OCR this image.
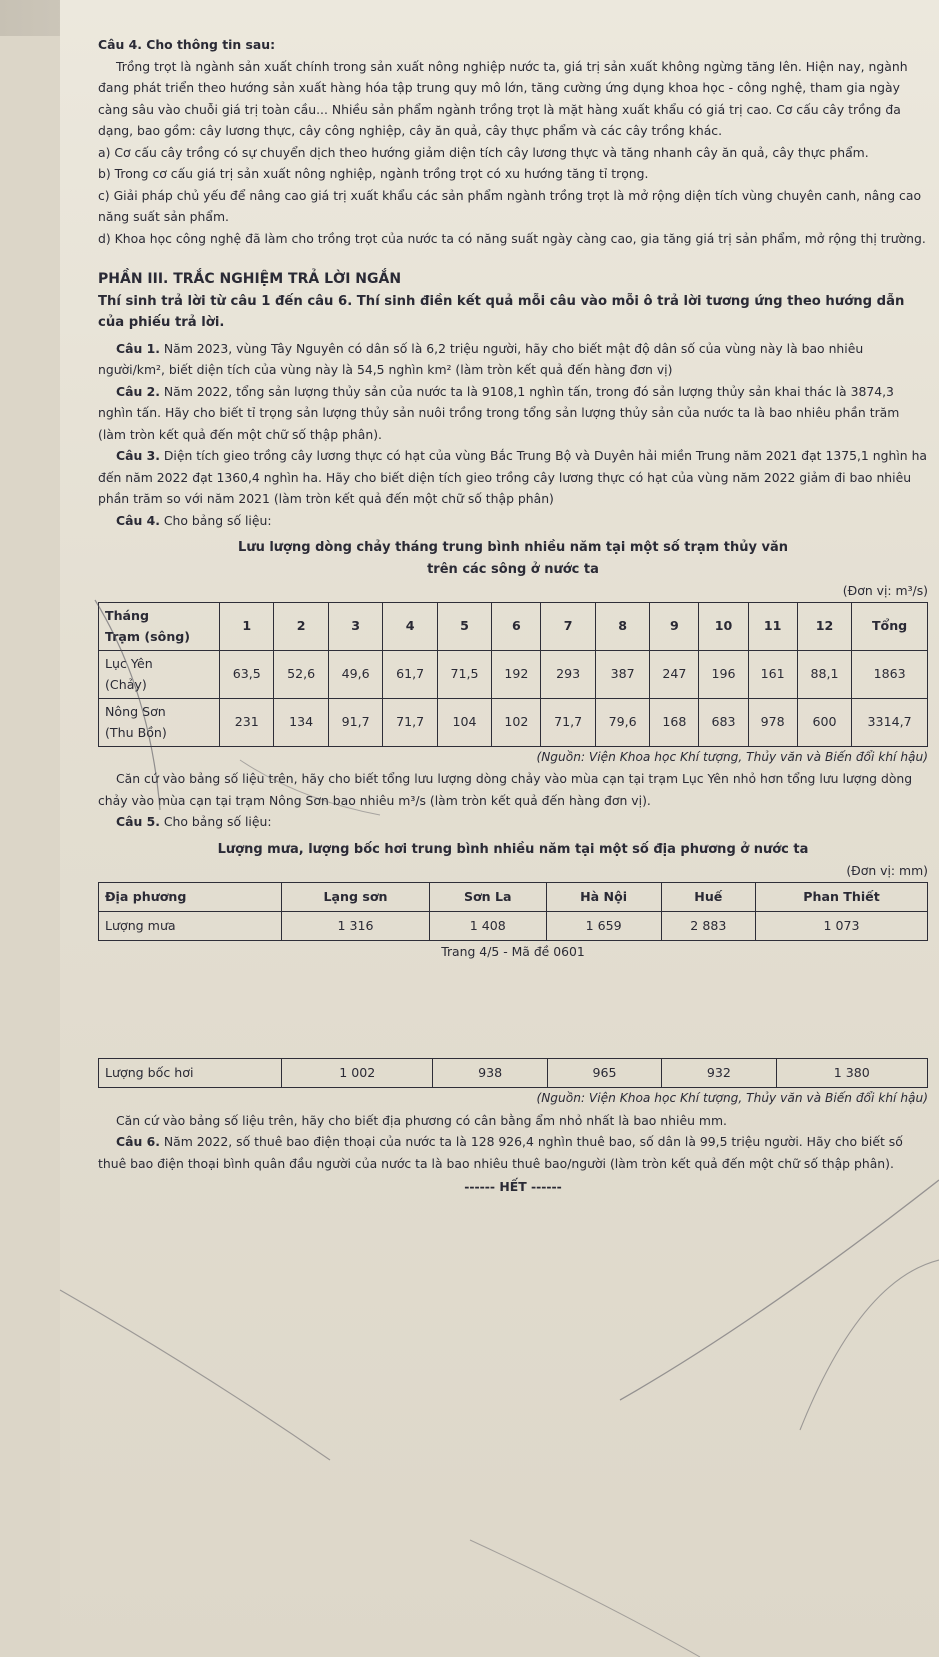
Câu 4. Cho thông tin sau:

Trồng trọt là ngành sản xuất chính trong sản xuất nông nghiệp nước ta, giá trị sản xuất không ngừng tăng lên. Hiện nay, ngành đang phát triển theo hướng sản xuất hàng hóa tập trung quy mô lớn, tăng cường ứng dụng khoa học - công nghệ, tham gia ngày càng sâu vào chuỗi giá trị toàn cầu... Nhiều sản phẩm ngành trồng trọt là mặt hàng xuất khẩu có giá trị cao. Cơ cấu cây trồng đa dạng, bao gồm: cây lương thực, cây công nghiệp, cây ăn quả, cây thực phẩm và các cây trồng khác.

a) Cơ cấu cây trồng có sự chuyển dịch theo hướng giảm diện tích cây lương thực và tăng nhanh cây ăn quả, cây thực phẩm.

b) Trong cơ cấu giá trị sản xuất nông nghiệp, ngành trồng trọt có xu hướng tăng tỉ trọng.

c) Giải pháp chủ yếu để nâng cao giá trị xuất khẩu các sản phẩm ngành trồng trọt là mở rộng diện tích vùng chuyên canh, nâng cao năng suất sản phẩm.

d) Khoa học công nghệ đã làm cho trồng trọt của nước ta có năng suất ngày càng cao, gia tăng giá trị sản phẩm, mở rộng thị trường.

PHẦN III. TRẮC NGHIỆM TRẢ LỜI NGẮN

Thí sinh trả lời từ câu 1 đến câu 6. Thí sinh điền kết quả mỗi câu vào mỗi ô trả lời tương ứng theo hướng dẫn của phiếu trả lời.

Câu 1. Năm 2023, vùng Tây Nguyên có dân số là 6,2 triệu người, hãy cho biết mật độ dân số của vùng này là bao nhiêu người/km², biết diện tích của vùng này là 54,5 nghìn km² (làm tròn kết quả đến hàng đơn vị)

Câu 2. Năm 2022, tổng sản lượng thủy sản của nước ta là 9108,1 nghìn tấn, trong đó sản lượng thủy sản khai thác là 3874,3 nghìn tấn. Hãy cho biết tỉ trọng sản lượng thủy sản nuôi trồng trong tổng sản lượng thủy sản của nước ta là bao nhiêu phần trăm (làm tròn kết quả đến một chữ số thập phân).

Câu 3. Diện tích gieo trồng cây lương thực có hạt của vùng Bắc Trung Bộ và Duyên hải miền Trung năm 2021 đạt 1375,1 nghìn ha đến năm 2022 đạt 1360,4 nghìn ha. Hãy cho biết diện tích gieo trồng cây lương thực có hạt của vùng năm 2022 giảm đi bao nhiêu phần trăm so với năm 2021 (làm tròn kết quả đến một chữ số thập phân)

Câu 4. Cho bảng số liệu:

Lưu lượng dòng chảy tháng trung bình nhiều năm tại một số trạm thủy văn

trên các sông ở nước ta

(Đơn vị: m³/s)

Tháng
Trạm (sông)	1	2	3	4	5	6	7	8	9	10	11	12	Tổng

Lục Yên
(Chảy)	63,5	52,6	49,6	61,7	71,5	192	293	387	247	196	161	88,1	1863

Nông Sơn
(Thu Bồn)	231	134	91,7	71,7	104	102	71,7	79,6	168	683	978	600	3314,7

(Nguồn: Viện Khoa học Khí tượng, Thủy văn và Biến đổi khí hậu)

Căn cứ vào bảng số liệu trên, hãy cho biết tổng lưu lượng dòng chảy vào mùa cạn tại trạm Lục Yên nhỏ hơn tổng lưu lượng dòng chảy vào mùa cạn tại trạm Nông Sơn bao nhiêu m³/s (làm tròn kết quả đến hàng đơn vị).

Câu 5. Cho bảng số liệu:

Lượng mưa, lượng bốc hơi trung bình nhiều năm tại một số địa phương ở nước ta

(Đơn vị: mm)

Địa phương	Lạng sơn	Sơn La	Hà Nội	Huế	Phan Thiết
Lượng mưa	1 316	1 408	1 659	2 883	1 073

Trang 4/5 - Mã đề 0601

Lượng bốc hơi	1 002	938	965	932	1 380

(Nguồn: Viện Khoa học Khí tượng, Thủy văn và Biến đổi khí hậu)

Căn cứ vào bảng số liệu trên, hãy cho biết địa phương có cân bằng ẩm nhỏ nhất là bao nhiêu mm.

Câu 6. Năm 2022, số thuê bao điện thoại của nước ta là 128 926,4 nghìn thuê bao, số dân là 99,5 triệu người. Hãy cho biết số thuê bao điện thoại bình quân đầu người của nước ta là bao nhiêu thuê bao/người (làm tròn kết quả đến một chữ số thập phân).

------ HẾT ------
